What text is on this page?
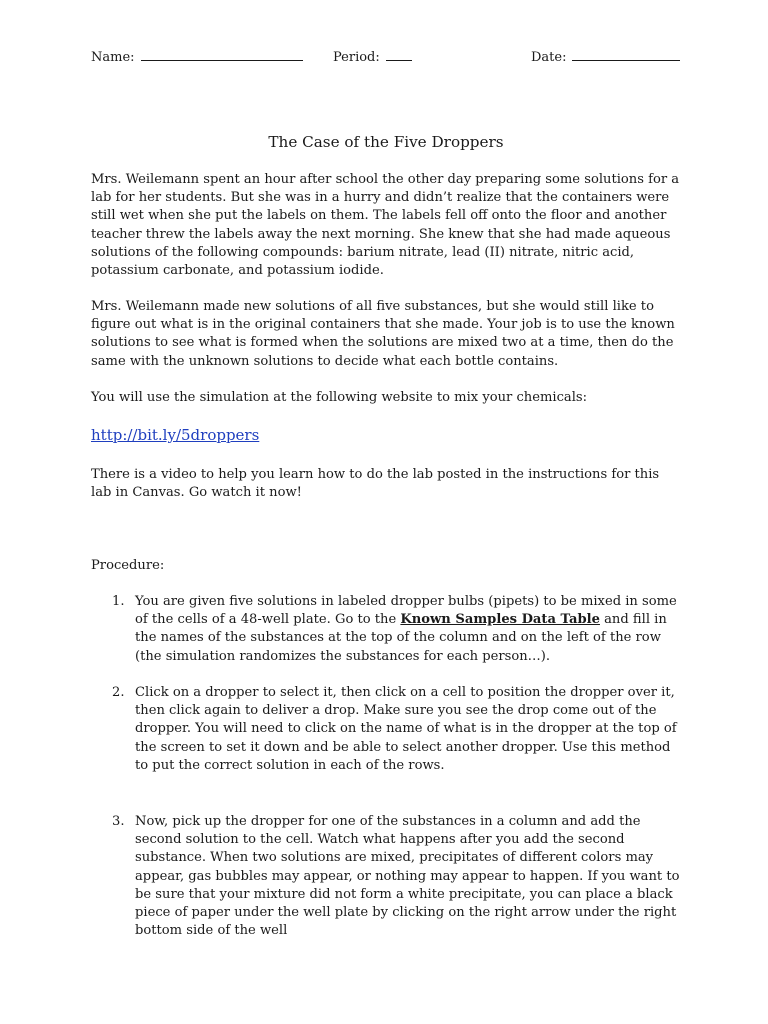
Name:	Period:	Date:
The Case of the Five Droppers

Mrs. Weilemann spent an hour after school the other day preparing some solutions for a lab for her students. But she was in a hurry and didn’t realize that the containers were still wet when she put the labels on them. The labels fell off onto the floor and another teacher threw the labels away the next morning. She knew that she had made aqueous solutions of the following compounds: barium nitrate, lead (II) nitrate, nitric acid, potassium carbonate, and potassium iodide.

Mrs. Weilemann made new solutions of all five substances, but she would still like to figure out what is in the original containers that she made. Your job is to use the known solutions to see what is formed when the solutions are mixed two at a time, then do the same with the unknown solutions to decide what each bottle contains.

You will use the simulation at the following website to mix your chemicals:

http://bit.ly/5droppers

There is a video to help you learn how to do the lab posted in the instructions for this lab in Canvas. Go watch it now!

Procedure:

1. You are given five solutions in labeled dropper bulbs (pipets) to be mixed in some of the cells of a 48-well plate. Go to the Known Samples Data Table and fill in the names of the substances at the top of the column and on the left of the row (the simulation randomizes the substances for each person…).

2. Click on a dropper to select it, then click on a cell to position the dropper over it, then click again to deliver a drop. Make sure you see the drop come out of the dropper. You will need to click on the name of what is in the dropper at the top of the screen to set it down and be able to select another dropper. Use this method to put the correct solution in each of the rows.

3. Now, pick up the dropper for one of the substances in a column and add the second solution to the cell. Watch what happens after you add the second substance. When two solutions are mixed, precipitates of different colors may appear, gas bubbles may appear, or nothing may appear to happen. If you want to be sure that your mixture did not form a white precipitate, you can place a black piece of paper under the well plate by clicking on the right arrow under the right bottom side of the well
